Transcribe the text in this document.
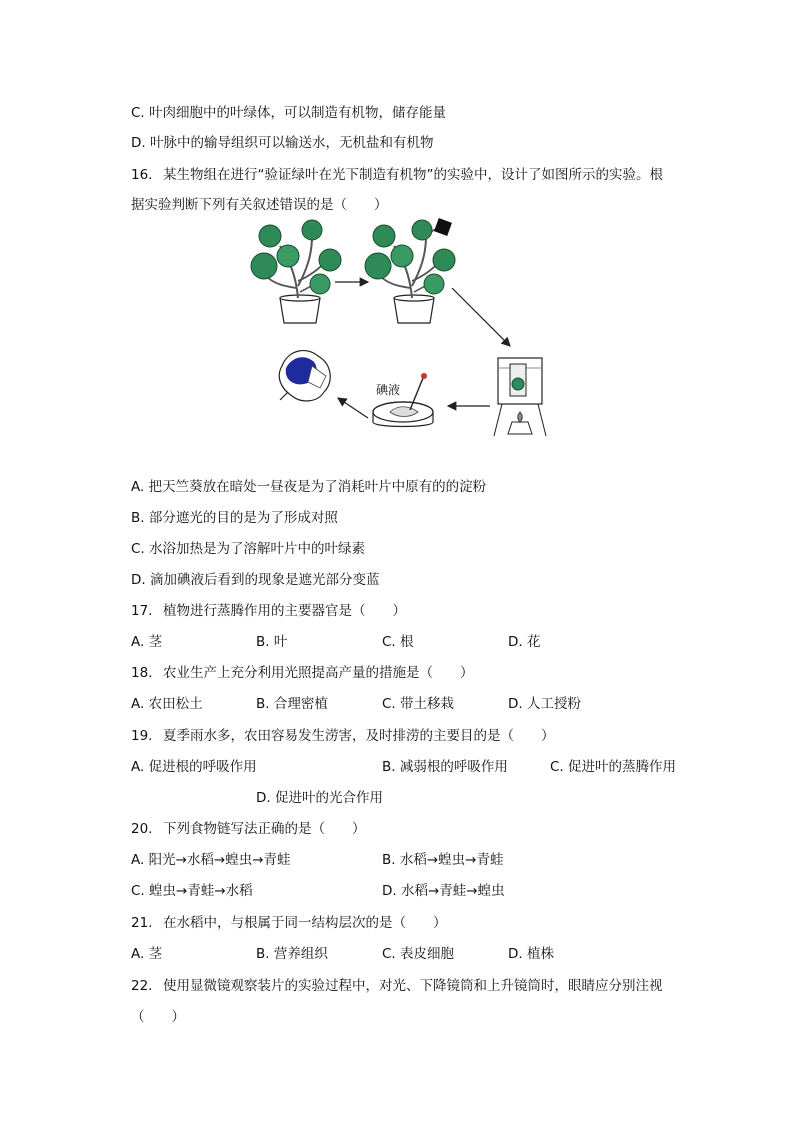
C. 叶肉细胞中的叶绿体，可以制造有机物，储存能量
D. 叶脉中的输导组织可以输送水，无机盐和有机物
16. 某生物组在进行“验证绿叶在光下制造有机物”的实验中，设计了如图所示的实验。根
据实验判断下列有关叙述错误的是（　　）
碘液
A. 把天竺葵放在暗处一昼夜是为了消耗叶片中原有的的淀粉
B. 部分遮光的目的是为了形成对照
C. 水浴加热是为了溶解叶片中的叶绿素
D. 滴加碘液后看到的现象是遮光部分变蓝
17. 植物进行蒸腾作用的主要器官是（　　）
A. 茎	B. 叶	C. 根	D. 花
18. 农业生产上充分利用光照提高产量的措施是（　　）
A. 农田松土	B. 合理密植	C. 带土移栽	D. 人工授粉
19. 夏季雨水多，农田容易发生涝害，及时排涝的主要目的是（　　）
A. 促进根的呼吸作用	B. 减弱根的呼吸作用	C. 促进叶的蒸腾作用
D. 促进叶的光合作用
20. 下列食物链写法正确的是（　　）
A. 阳光→水稻→蝗虫→青蛙	B. 水稻→蝗虫→青蛙
C. 蝗虫→青蛙→水稻	D. 水稻→青蛙→蝗虫
21. 在水稻中，与根属于同一结构层次的是（　　）
A. 茎	B. 营养组织	C. 表皮细胞	D. 植株
22. 使用显微镜观察装片的实验过程中，对光、下降镜筒和上升镜筒时，眼睛应分别注视
（　　）
